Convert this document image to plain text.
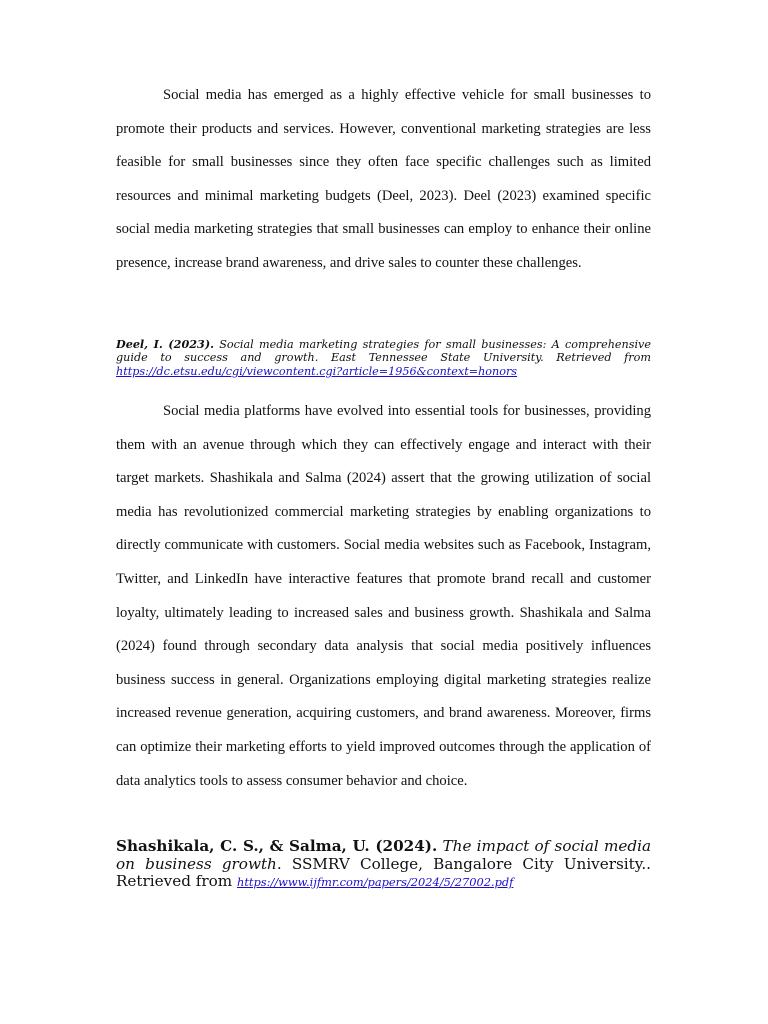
Social media has emerged as a highly effective vehicle for small businesses to promote their products and services. However, conventional marketing strategies are less feasible for small businesses since they often face specific challenges such as limited resources and minimal marketing budgets (Deel, 2023). Deel (2023) examined specific social media marketing strategies that small businesses can employ to enhance their online presence, increase brand awareness, and drive sales to counter these challenges.

Deel, I. (2023). Social media marketing strategies for small businesses: A comprehensive guide to success and growth. East Tennessee State University. Retrieved from https://dc.etsu.edu/cgi/viewcontent.cgi?article=1956&context=honors

Social media platforms have evolved into essential tools for businesses, providing them with an avenue through which they can effectively engage and interact with their target markets. Shashikala and Salma (2024) assert that the growing utilization of social media has revolutionized commercial marketing strategies by enabling organizations to directly communicate with customers. Social media websites such as Facebook, Instagram, Twitter, and LinkedIn have interactive features that promote brand recall and customer loyalty, ultimately leading to increased sales and business growth. Shashikala and Salma (2024) found through secondary data analysis that social media positively influences business success in general. Organizations employing digital marketing strategies realize increased revenue generation, acquiring customers, and brand awareness. Moreover, firms can optimize their marketing efforts to yield improved outcomes through the application of data analytics tools to assess consumer behavior and choice.

Shashikala, C. S., & Salma, U. (2024). The impact of social media on business growth. SSMRV College, Bangalore City University.. Retrieved from https://www.ijfmr.com/papers/2024/5/27002.pdf
